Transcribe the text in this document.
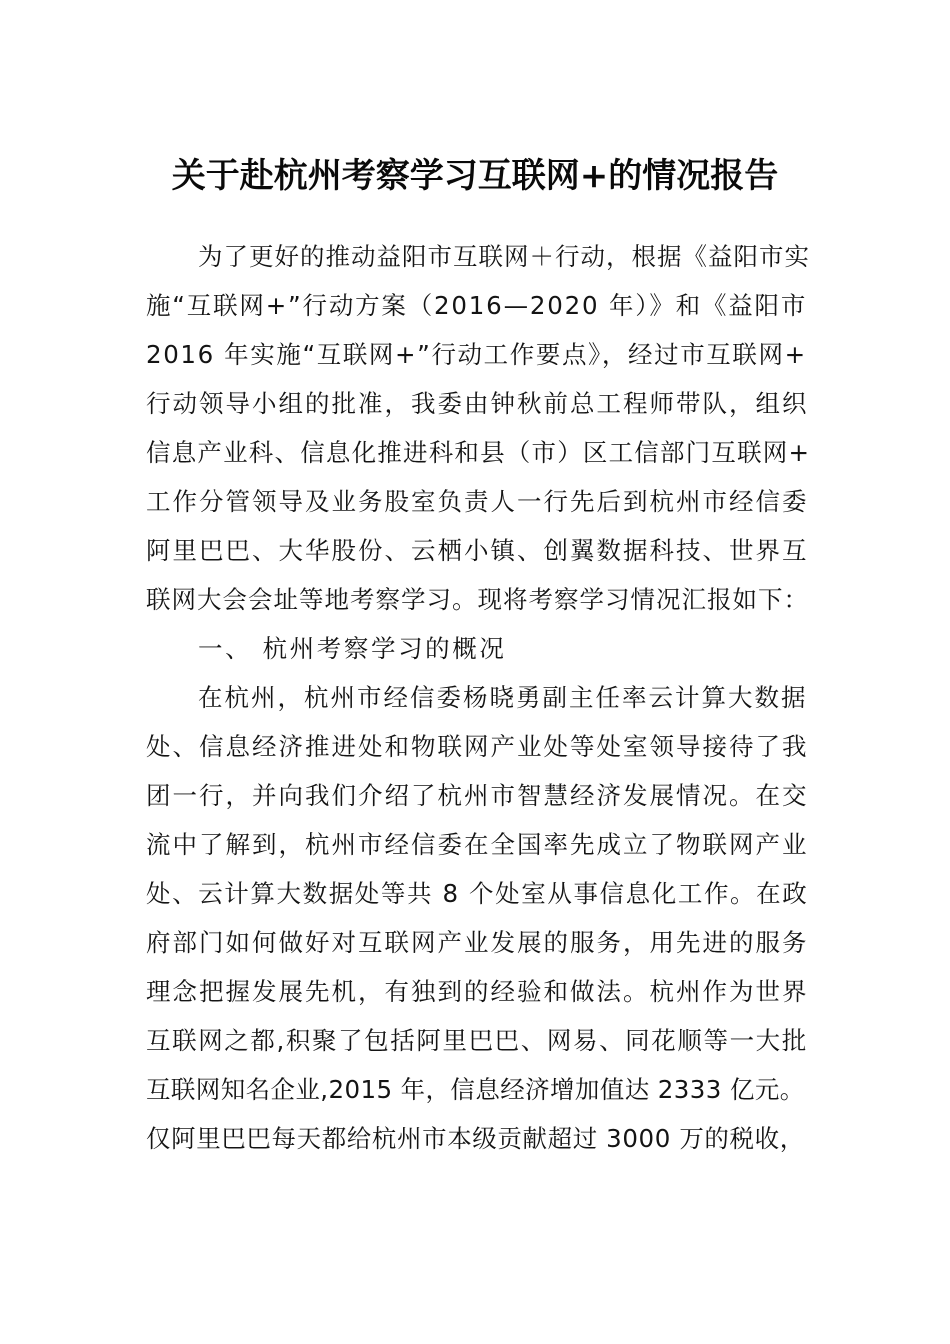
关于赴杭州考察学习互联网+的情况报告
为了更好的推动益阳市互联网＋行动，根据《益阳市实
施“互联网+”行动方案（2016—2020 年）》和《益阳市
2016 年实施“互联网+”行动工作要点》，经过市互联网+
行动领导小组的批准，我委由钟秋前总工程师带队，组织
信息产业科、信息化推进科和县（市）区工信部门互联网+
工作分管领导及业务股室负责人一行先后到杭州市经信委
阿里巴巴、大华股份、云栖小镇、创翼数据科技、世界互
联网大会会址等地考察学习。现将考察学习情况汇报如下：
一、 杭州考察学习的概况
在杭州，杭州市经信委杨晓勇副主任率云计算大数据
处、信息经济推进处和物联网产业处等处室领导接待了我
团一行，并向我们介绍了杭州市智慧经济发展情况。在交
流中了解到，杭州市经信委在全国率先成立了物联网产业
处、云计算大数据处等共 8 个处室从事信息化工作。在政
府部门如何做好对互联网产业发展的服务，用先进的服务
理念把握发展先机，有独到的经验和做法。杭州作为世界
互联网之都,积聚了包括阿里巴巴、网易、同花顺等一大批
互联网知名企业,2015 年，信息经济增加值达 2333 亿元。
仅阿里巴巴每天都给杭州市本级贡献超过 3000 万的税收，
